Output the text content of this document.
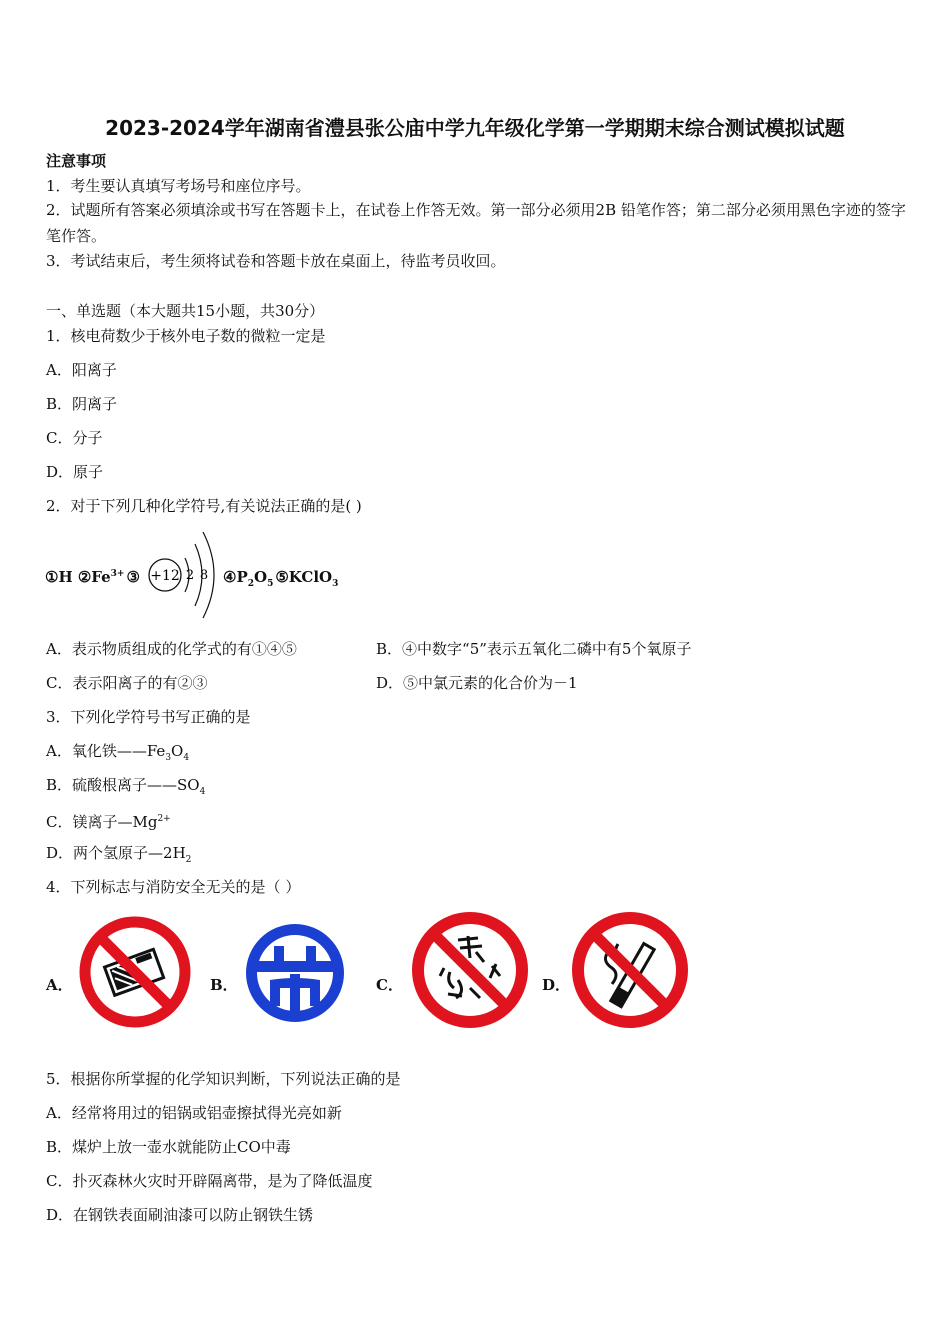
2023-2024学年湖南省澧县张公庙中学九年级化学第一学期期末综合测试模拟试题
注意事项
1．考生要认真填写考场号和座位序号。
2．试题所有答案必须填涂或书写在答题卡上，在试卷上作答无效。第一部分必须用2B 铅笔作答；第二部分必须用黑色字迹的签字笔作答。
3．考试结束后，考生须将试卷和答题卡放在桌面上，待监考员收回。
一、单选题（本大题共15小题，共30分）
1．核电荷数少于核外电子数的微粒一定是
A．阳离子
B．阴离子
C．分子
D．原子
2．对于下列几种化学符号,有关说法正确的是( )
①H $②Fe^{3+}$ ③ +12 2 8 $④P_2O_5$ ⑤KClO$_3$
A．表示物质组成的化学式的有①④⑤	B．④中数字“5”表示五氧化二磷中有5个氧原子
C．表示阳离子的有②③	D．⑤中氯元素的化合价为－1
3．下列化学符号书写正确的是
A．氧化铁$——Fe_3O_4$
B．硫酸根离子$——SO_4$
C．镁离子$—Mg^{2+}$
D．两个氢原子$—2H_2$
4．下列标志与消防安全无关的是（ ）
A．	B．	C．	D．
5．根据你所掌握的化学知识判断，下列说法正确的是
A．经常将用过的铝锅或铝壶擦拭得光亮如新
B．煤炉上放一壶水就能防止CO中毒
C．扑灭森林火灾时开辟隔离带，是为了降低温度
D．在钢铁表面刷油漆可以防止钢铁生锈
